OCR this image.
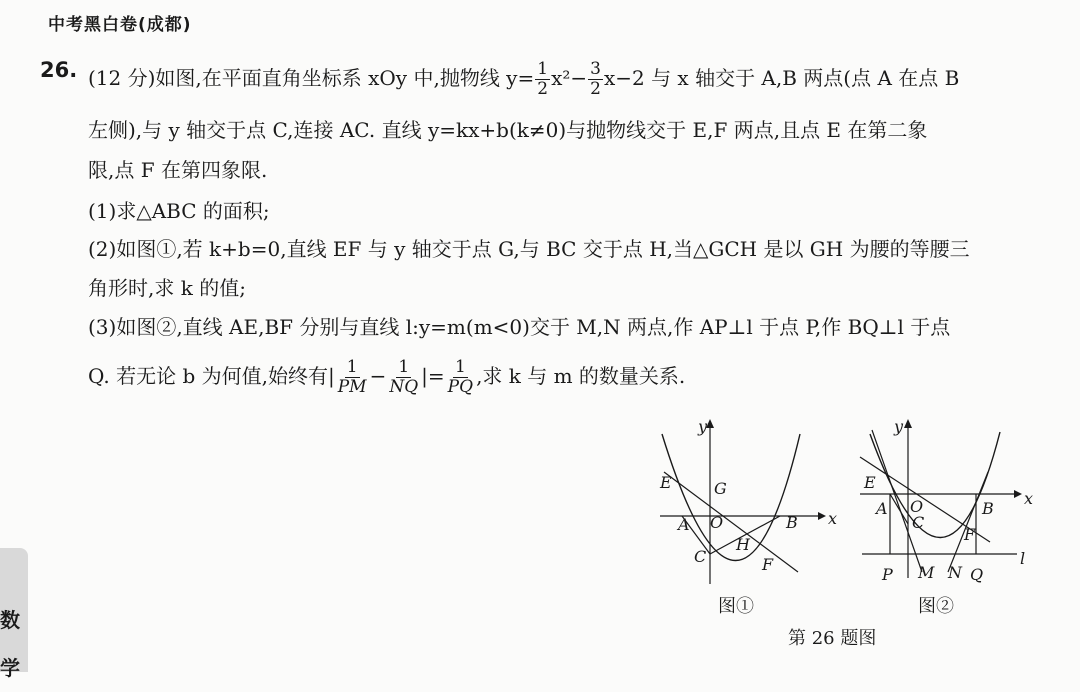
中考黑白卷(成都)
26. (12 分)如图,在平面直角坐标系 xOy 中,抛物线 $y= \frac{1}{2} x^2- \frac{3}{2} x-2$ 与 x 轴交于 A,B 两点(点 A 在点 B
左侧),与 y 轴交于点 C,连接 AC. 直线 y=kx+b(k≠0)与抛物线交于 E,F 两点,且点 E 在第二象
限,点 F 在第四象限.
(1)求△ABC 的面积;
(2)如图①,若 k+b=0,直线 EF 与 y 轴交于点 G,与 BC 交于点 H,当△GCH 是以 GH 为腰的等腰三
角形时,求 k 的值;
(3)如图②,直线 AE,BF 分别与直线 l:y=m(m<0)交于 M,N 两点,作 AP⊥l 于点 P,作 BQ⊥l 于点
Q. 若无论 b 为何值,始终有| $\frac{1}{PM} - \frac{1}{NQ}$ |= $\frac{1}{PQ}$ ,求 k 与 m 的数量关系.
y
x
E	G
A O	B
C
H
F
图①
y
x
E
A O
C
B
F
P M N Q
l
图②
第 26 题图
数
学
